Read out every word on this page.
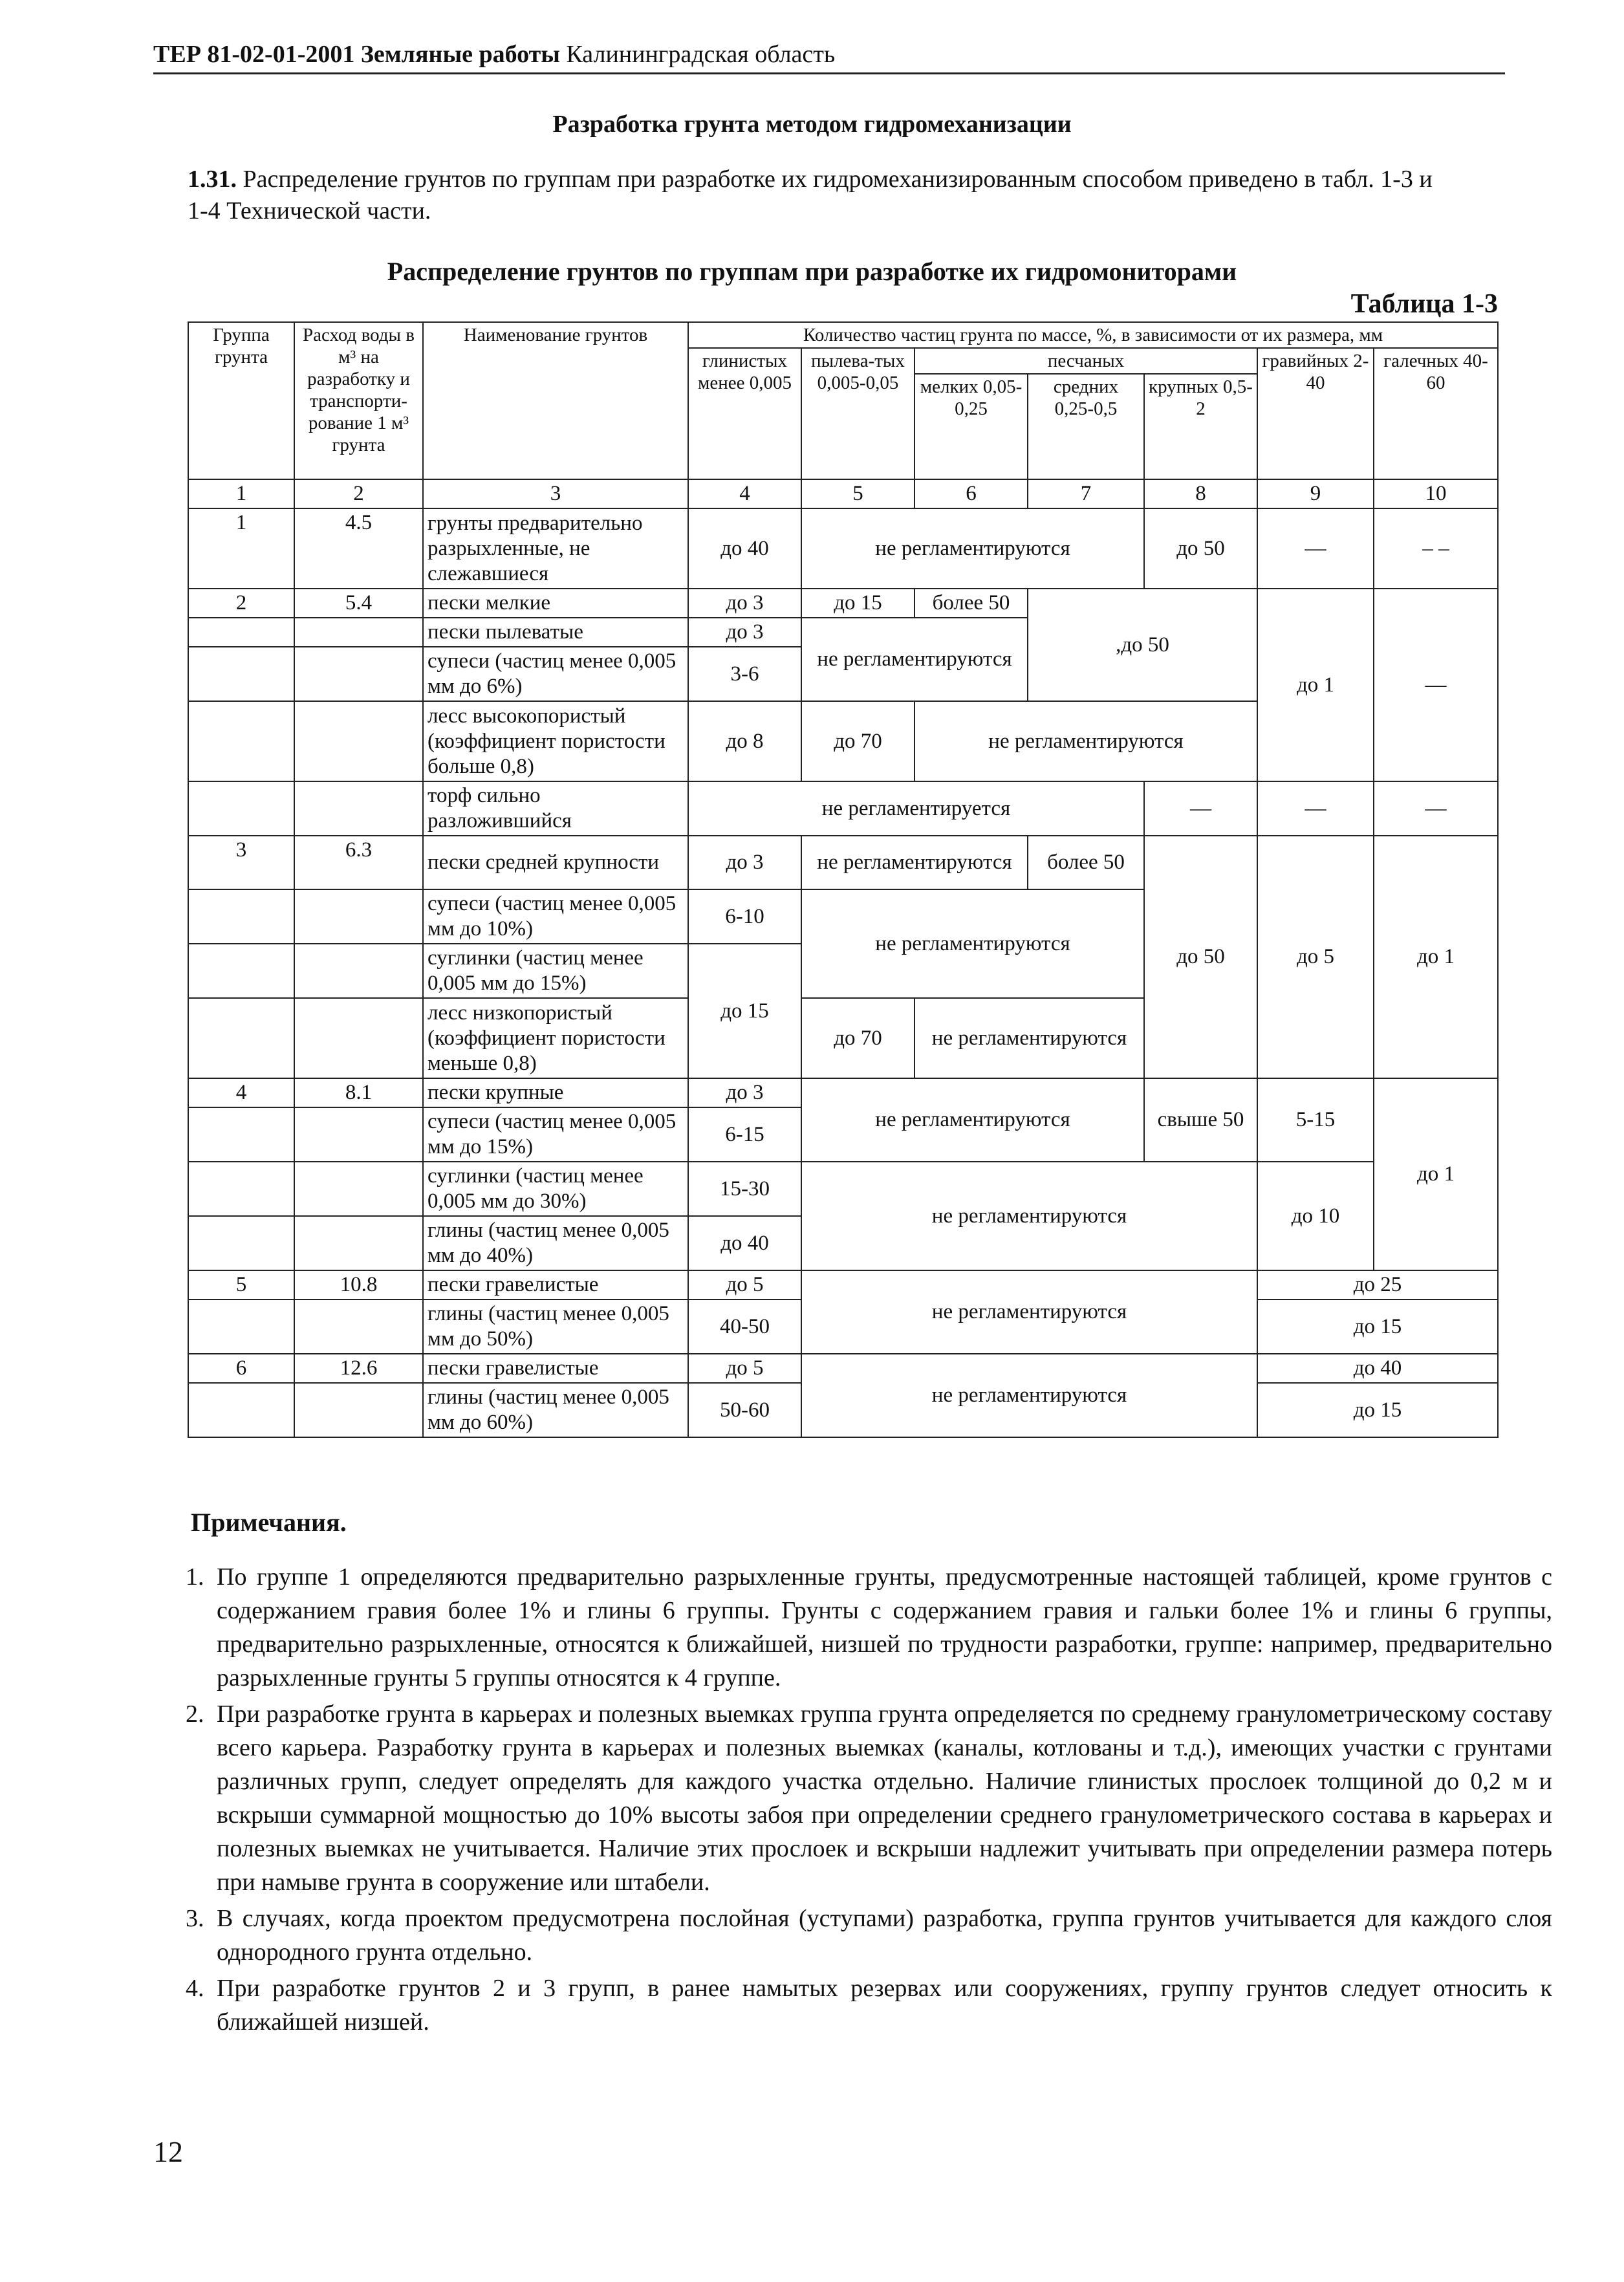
ТЕР 81-02-01-2001 Земляные работы Калининградская область
Разработка грунта методом гидромеханизации
1.31. Распределение грунтов по группам при разработке их гидромеханизированным способом приведено в табл. 1-3 и
1-4 Технической части.
Распределение грунтов по группам при разработке их гидромониторами
Таблица 1-3
Группа грунта	Расход воды в м³ на разработку и транспорти-рование 1 м³ грунта	Наименование грунтов	Количество частиц грунта по массе, %, в зависимости от их размера, мм						
			глинистых менее 0,005	пылева-тых 0,005-0,05	песчаных			гравийных 2-40	галечных 40-60
					мелких 0,05-0,25	средних 0,25-0,5	крупных 0,5-2		
1	2	3	4	5	6	7	8	9	10
1	4.5	грунты предварительно разрыхленные, не слежавшиеся	до 40	не регламентируются			до 50	—	– –
2	5.4	пески мелкие	до 3	до 15	более 50	,до 50		до 1	—
		пески пылеватые	до 3	не регламентируются					
		супеси (частиц менее 0,005 мм до 6%)	3-6						
		лесс высокопористый (коэффициент пористости больше 0,8)	до 8	до 70	не регламентируются				
		торф сильно разложившийся	не регламентируется				—	—	—
3	6.3	пески средней крупности	до 3	не регламентируются		более 50	до 50	до 5	до 1
		супеси (частиц менее 0,005 мм до 10%)	6-10	не регламентируются					
		суглинки (частиц менее 0,005 мм до 15%)	до 15						
		лесс низкопористый (коэффициент пористости меньше 0,8)		до 70	не регламентируются				
4	8.1	пески крупные	до 3	не регламентируются			свыше 50	5-15	до 1
		супеси (частиц менее 0,005 мм до 15%)	6-15						
		суглинки (частиц менее 0,005 мм до 30%)	15-30	не регламентируются				до 10	
		глины (частиц менее 0,005 мм до 40%)	до 40						
5	10.8	пески гравелистые	до 5	не регламентируются				до 25	
		глины (частиц менее 0,005 мм до 50%)	40-50					до 15	
6	12.6	пески гравелистые	до 5	не регламентируются				до 40	
		глины (частиц менее 0,005 мм до 60%)	50-60					до 15	
Примечания.
1. По группе 1 определяются предварительно разрыхленные грунты, предусмотренные настоящей таблицей, кроме грунтов с содержанием гравия более 1% и глины 6 группы. Грунты с содержанием гравия и гальки более 1% и глины 6 группы, предварительно разрыхленные, относятся к ближайшей, низшей по трудности разработки, группе: например, предварительно разрыхленные грунты 5 группы относятся к 4 группе.
2. При разработке грунта в карьерах и полезных выемках группа грунта определяется по среднему гранулометрическому составу всего карьера. Разработку грунта в карьерах и полезных выемках (каналы, котлованы и т.д.), имеющих участки с грунтами различных групп, следует определять для каждого участка отдельно. Наличие глинистых прослоек толщиной до 0,2 м и вскрыши суммарной мощностью до 10% высоты забоя при определении среднего гранулометрического состава в карьерах и полезных выемках не учитывается. Наличие этих прослоек и вскрыши надлежит учитывать при определении размера потерь при намыве грунта в сооружение или штабели.
3. В случаях, когда проектом предусмотрена послойная (уступами) разработка, группа грунтов учитывается для каждого слоя однородного грунта отдельно.
4. При разработке грунтов 2 и 3 групп, в ранее намытых резервах или сооружениях, группу грунтов следует относить к ближайшей низшей.
12
